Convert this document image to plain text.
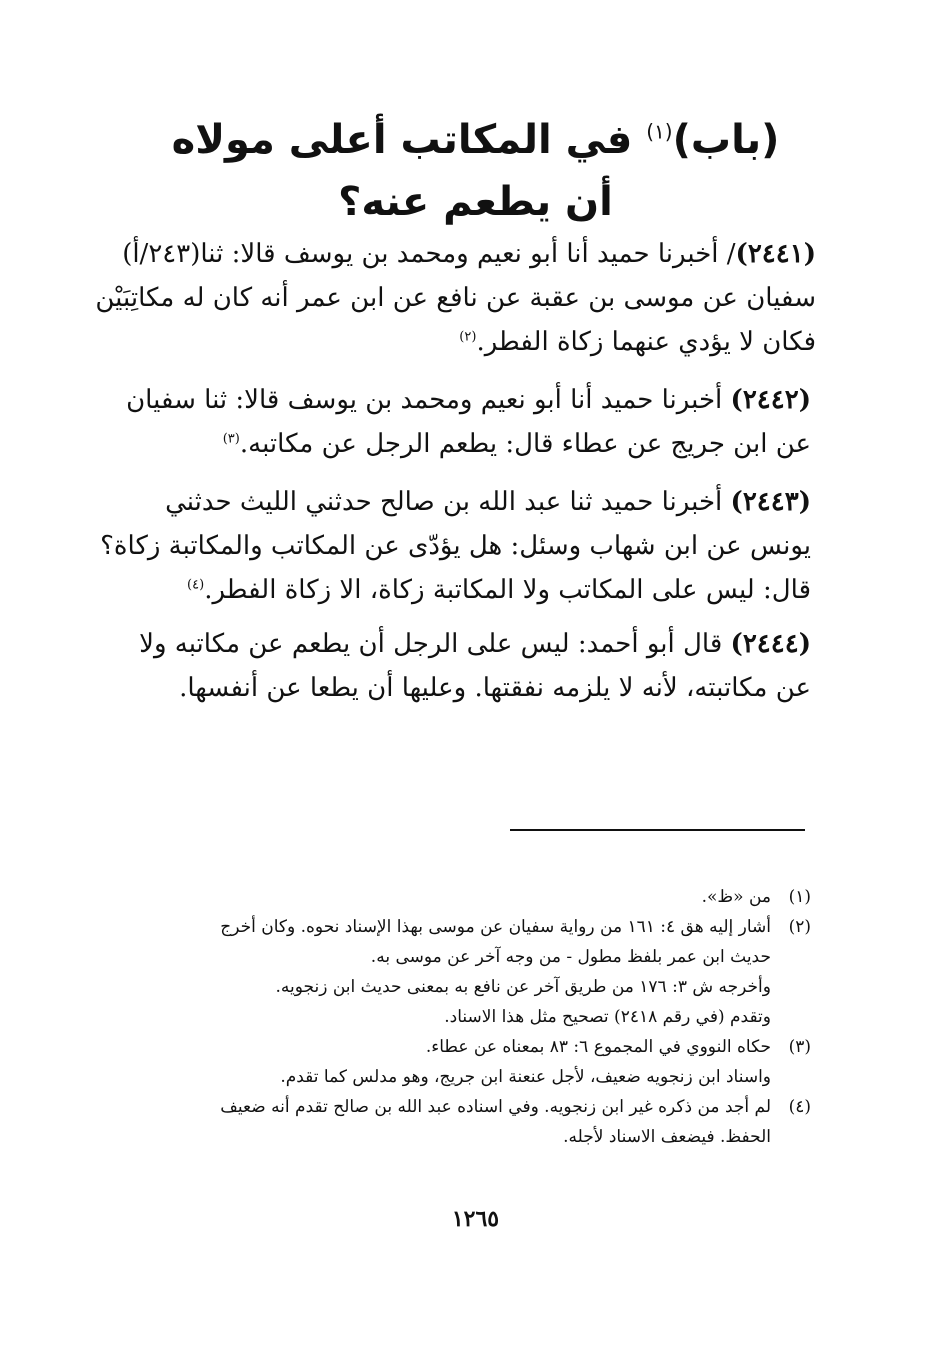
(باب)$^{(١)}$ في المكاتب أعلى مولاه
أن يطعم عنه؟
(٢٤٤١)/ أخبرنا حميد أنا أبو نعيم ومحمد بن يوسف قالا: ثنا(٢٤٣/أ)
سفيان عن موسى بن عقبة عن نافع عن ابن عمر أنه كان له مكاتِبَيْن
فكان لا يؤدي عنهما زكاة الفطر.$^{(٢)}$
(٢٤٤٢) أخبرنا حميد أنا أبو نعيم ومحمد بن يوسف قالا: ثنا سفيان
عن ابن جريج عن عطاء قال: يطعم الرجل عن مكاتبه.$^{(٣)}$
(٢٤٤٣) أخبرنا حميد ثنا عبد الله بن صالح حدثني الليث حدثني
يونس عن ابن شهاب وسئل: هل يؤدّى عن المكاتب والمكاتبة زكاة؟
قال: ليس على المكاتب ولا المكاتبة زكاة، الا زكاة الفطر.$^{(٤)}$
(٢٤٤٤) قال أبو أحمد: ليس على الرجل أن يطعم عن مكاتبه ولا
عن مكاتبته، لأنه لا يلزمه نفقتها. وعليها أن يطعا عن أنفسها.
(١)
من «ظ».
(٢)
أشار إليه هق ٤: ١٦١ من رواية سفيان عن موسى بهذا الإسناد نحوه. وكان أخرج
حديث ابن عمر بلفظ مطول - من وجه آخر عن موسى به.
وأخرجه ش ٣: ١٧٦ من طريق آخر عن نافع به بمعنى حديث ابن زنجويه.
وتقدم (في رقم ٢٤١٨) تصحيح مثل هذا الاسناد.
(٣)
حكاه النووي في المجموع ٦: ٨٣ بمعناه عن عطاء.
واسناد ابن زنجويه ضعيف، لأجل عنعنة ابن جريج، وهو مدلس كما تقدم.
(٤)
لم أجد من ذكره غير ابن زنجويه. وفي اسناده عبد الله بن صالح تقدم أنه ضعيف
الحفظ. فيضعف الاسناد لأجله.
١٢٦٥
